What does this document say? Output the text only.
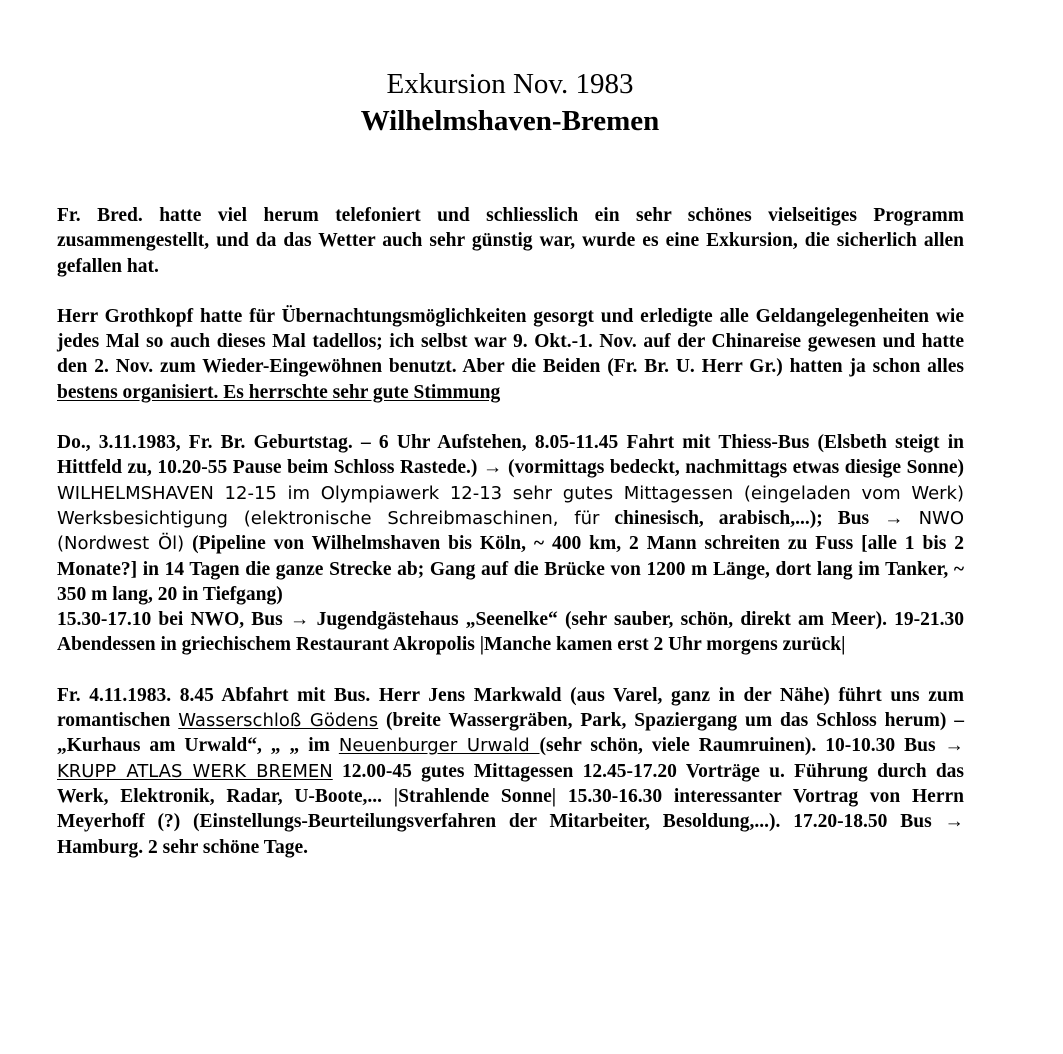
Exkursion Nov. 1983
Wilhelmshaven-Bremen

Fr. Bred. hatte viel herum telefoniert und schliesslich ein sehr schönes vielseitiges Programm zusammengestellt, und da das Wetter auch sehr günstig war, wurde es eine Exkursion, die sicherlich allen gefallen hat.

Herr Grothkopf hatte für Übernachtungsmöglichkeiten gesorgt und erledigte alle Geldangelegenheiten wie jedes Mal so auch dieses Mal tadellos; ich selbst war 9. Okt.-1. Nov. auf der Chinareise gewesen und hatte den 2. Nov. zum Wieder-Eingewöhnen benutzt. Aber die Beiden (Fr. Br. U. Herr Gr.) hatten ja schon alles bestens organisiert. Es herrschte sehr gute Stimmung

Do., 3.11.1983, Fr. Br. Geburtstag. – 6 Uhr Aufstehen, 8.05-11.45 Fahrt mit Thiess-Bus (Elsbeth steigt in Hittfeld zu, 10.20-55 Pause beim Schloss Rastede.) → (vormittags bedeckt, nachmittags etwas diesige Sonne) WILHELMSHAVEN 12-15 im Olympiawerk 12-13 sehr gutes Mittagessen (eingeladen vom Werk) Werksbesichtigung (elektronische Schreibmaschinen, für chinesisch, arabisch,...); Bus → NWO (Nordwest Öl) (Pipeline von Wilhelmshaven bis Köln, ~ 400 km, 2 Mann schreiten zu Fuss [alle 1 bis 2 Monate?] in 14 Tagen die ganze Strecke ab; Gang auf die Brücke von 1200 m Länge, dort lang im Tanker, ~ 350 m lang, 20 in Tiefgang)

15.30-17.10 bei NWO, Bus → Jugendgästehaus „Seenelke“ (sehr sauber, schön, direkt am Meer). 19-21.30 Abendessen in griechischem Restaurant Akropolis |Manche kamen erst 2 Uhr morgens zurück|

Fr. 4.11.1983. 8.45 Abfahrt mit Bus. Herr Jens Markwald (aus Varel, ganz in der Nähe) führt uns zum romantischen Wasserschloß Gödens (breite Wassergräben, Park, Spaziergang um das Schloss herum) – „Kurhaus am Urwald“, „ „ im Neuenburger Urwald (sehr schön, viele Raumruinen). 10-10.30 Bus → KRUPP ATLAS WERK BREMEN 12.00-45 gutes Mittagessen 12.45-17.20 Vorträge u. Führung durch das Werk, Elektronik, Radar, U-Boote,... |Strahlende Sonne| 15.30-16.30 interessanter Vortrag von Herrn Meyerhoff (?) (Einstellungs-Beurteilungsverfahren der Mitarbeiter, Besoldung,...). 17.20-18.50 Bus → Hamburg. 2 sehr schöne Tage.
